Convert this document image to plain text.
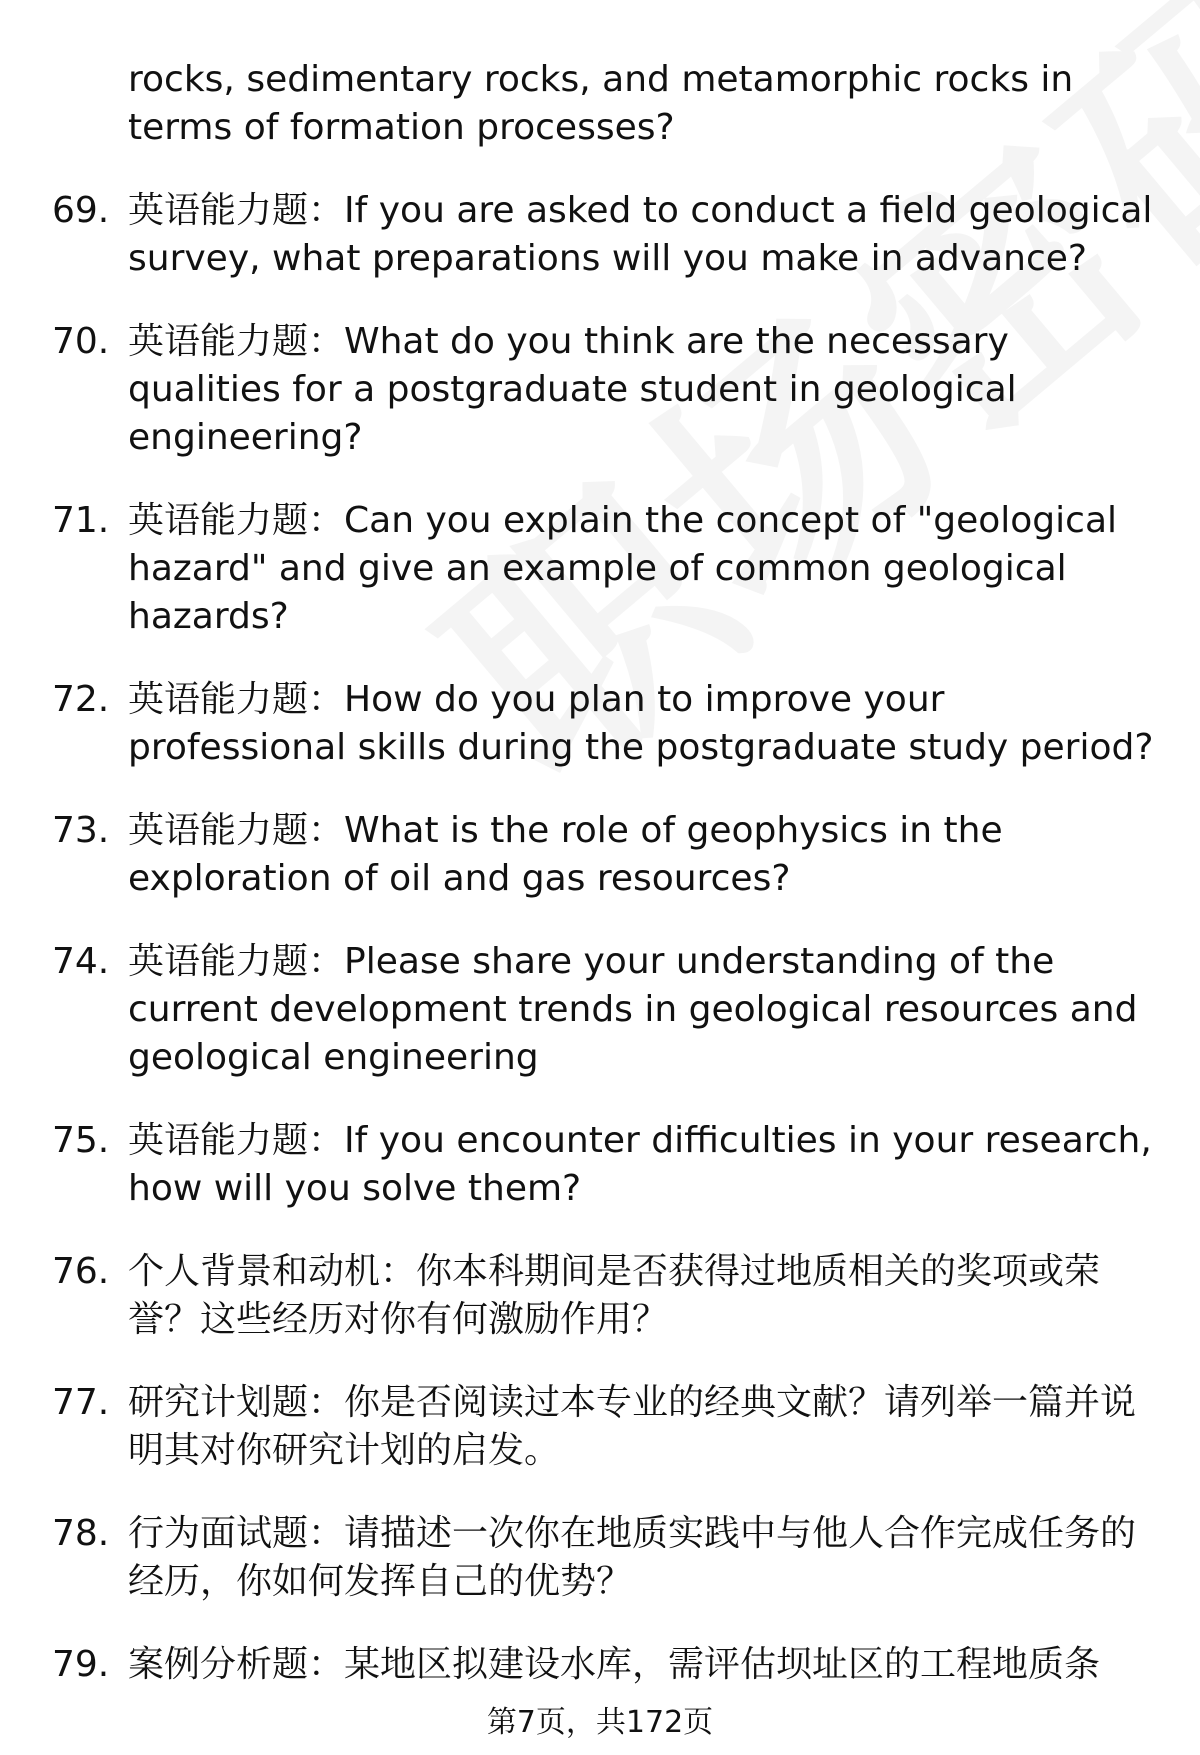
rocks, sedimentary rocks, and metamorphic rocks in terms of formation processes?
69. 英语能力题：If you are asked to conduct a field geological survey, what preparations will you make in advance?
70. 英语能力题：What do you think are the necessary qualities for a postgraduate student in geological engineering?
71. 英语能力题：Can you explain the concept of "geological hazard" and give an example of common geological hazards?
72. 英语能力题：How do you plan to improve your professional skills during the postgraduate study period?
73. 英语能力题：What is the role of geophysics in the exploration of oil and gas resources?
74. 英语能力题：Please share your understanding of the current development trends in geological resources and geological engineering
75. 英语能力题：If you encounter difficulties in your research, how will you solve them?
76. 个人背景和动机：你本科期间是否获得过地质相关的奖项或荣誉？这些经历对你有何激励作用？
77. 研究计划题：你是否阅读过本专业的经典文献？请列举一篇并说明其对你研究计划的启发。
78. 行为面试题：请描述一次你在地质实践中与他人合作完成任务的经历，你如何发挥自己的优势？
79. 案例分析题：某地区拟建设水库，需评估坝址区的工程地质条
第7页，共172页
